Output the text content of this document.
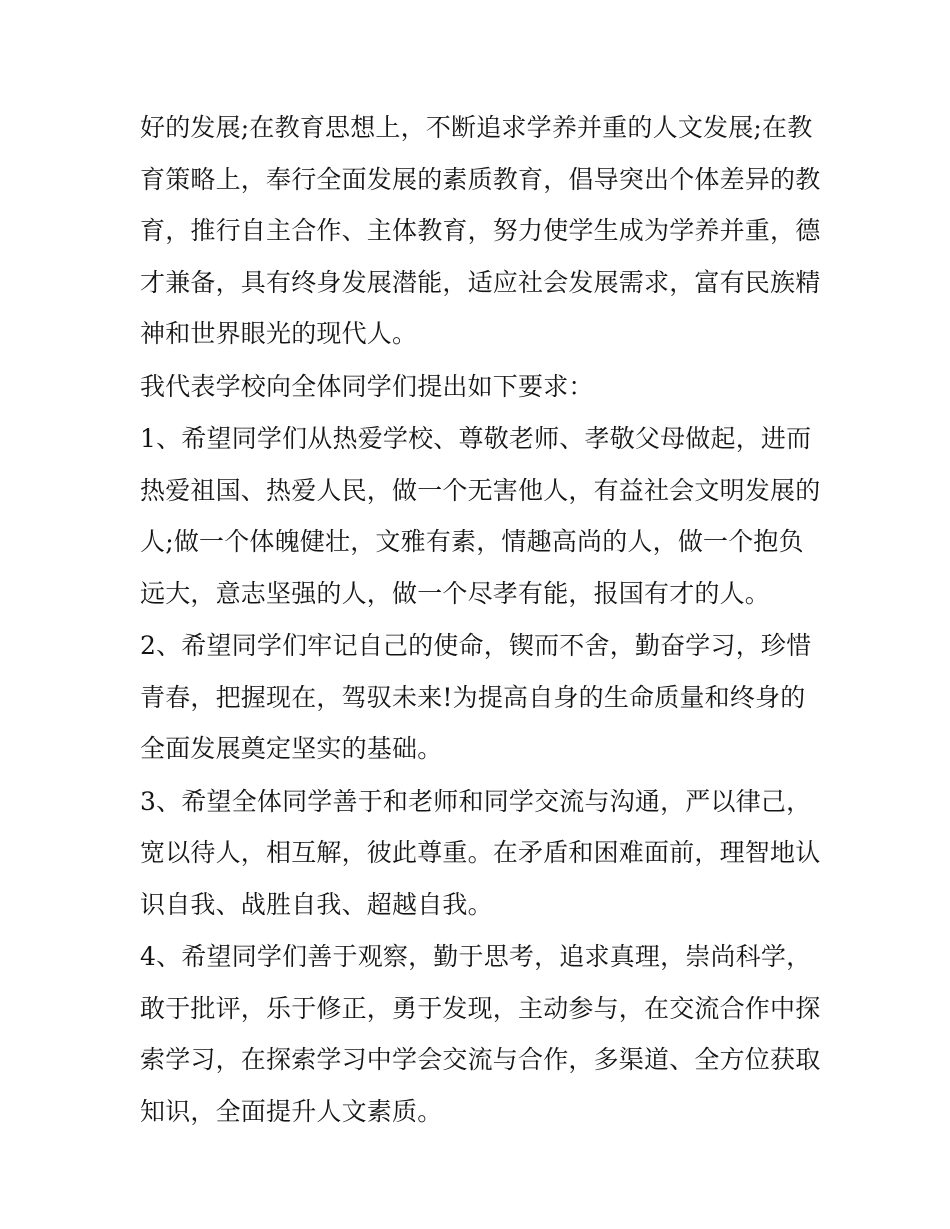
好的发展;在教育思想上，不断追求学养并重的人文发展;在教
育策略上，奉行全面发展的素质教育，倡导突出个体差异的教
育，推行自主合作、主体教育，努力使学生成为学养并重，德
才兼备，具有终身发展潜能，适应社会发展需求，富有民族精
神和世界眼光的现代人。

我代表学校向全体同学们提出如下要求：

1、希望同学们从热爱学校、尊敬老师、孝敬父母做起，进而
热爱祖国、热爱人民，做一个无害他人，有益社会文明发展的
人;做一个体魄健壮，文雅有素，情趣高尚的人，做一个抱负
远大，意志坚强的人，做一个尽孝有能，报国有才的人。

2、希望同学们牢记自己的使命，锲而不舍，勤奋学习，珍惜
青春，把握现在，驾驭未来!为提高自身的生命质量和终身的
全面发展奠定坚实的基础。

3、希望全体同学善于和老师和同学交流与沟通，严以律己，
宽以待人，相互解，彼此尊重。在矛盾和困难面前，理智地认
识自我、战胜自我、超越自我。

4、希望同学们善于观察，勤于思考，追求真理，崇尚科学，
敢于批评，乐于修正，勇于发现，主动参与，在交流合作中探
索学习，在探索学习中学会交流与合作，多渠道、全方位获取
知识，全面提升人文素质。
